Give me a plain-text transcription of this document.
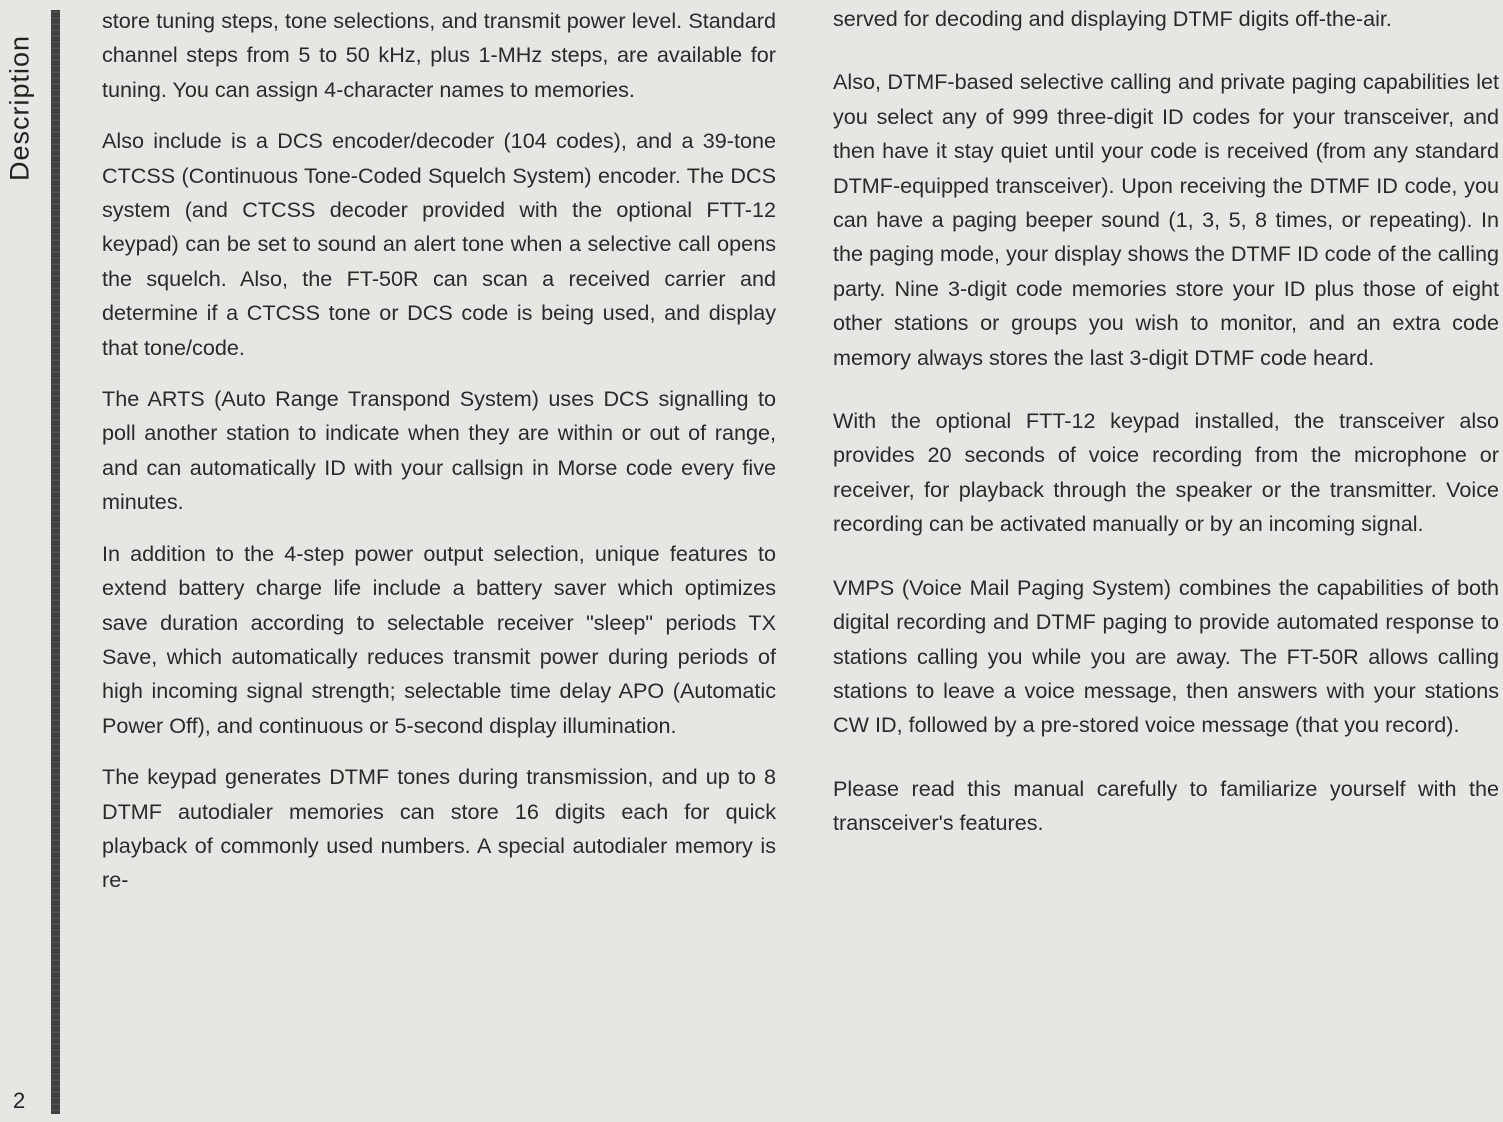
Description
2

store tuning steps, tone selections, and transmit power level. Standard channel steps from 5 to 50 kHz, plus 1-MHz steps, are available for tuning. You can assign 4-character names to memories.

Also include is a DCS encoder/decoder (104 codes), and a 39-tone CTCSS (Continuous Tone-Coded Squelch System) encoder. The DCS system (and CTCSS decoder provided with the optional FTT-12 keypad) can be set to sound an alert tone when a selective call opens the squelch. Also, the FT-50R can scan a received carrier and determine if a CTCSS tone or DCS code is being used, and display that tone/code.

The ARTS (Auto Range Transpond System) uses DCS signalling to poll another station to indicate when they are within or out of range, and can automatically ID with your callsign in Morse code every five minutes.

In addition to the 4-step power output selection, unique features to extend battery charge life include a battery saver which optimizes save duration according to selectable receiver "sleep" periods TX Save, which automatically reduces transmit power during periods of high incoming signal strength; selectable time delay APO (Automatic Power Off), and continuous or 5-second display illumination.

The keypad generates DTMF tones during transmission, and up to 8 DTMF autodialer memories can store 16 digits each for quick playback of commonly used numbers. A special autodialer memory is re-

served for decoding and displaying DTMF digits off-the-air.

Also, DTMF-based selective calling and private paging capabilities let you select any of 999 three-digit ID codes for your transceiver, and then have it stay quiet until your code is received (from any standard DTMF-equipped transceiver). Upon receiving the DTMF ID code, you can have a paging beeper sound (1, 3, 5, 8 times, or repeating). In the paging mode, your display shows the DTMF ID code of the calling party. Nine 3-digit code memories store your ID plus those of eight other stations or groups you wish to monitor, and an extra code memory always stores the last 3-digit DTMF code heard.

With the optional FTT-12 keypad installed, the transceiver also provides 20 seconds of voice recording from the microphone or receiver, for playback through the speaker or the transmitter. Voice recording can be activated manually or by an incoming signal.

VMPS (Voice Mail Paging System) combines the capabilities of both digital recording and DTMF paging to provide automated response to stations calling you while you are away. The FT-50R allows calling stations to leave a voice message, then answers with your stations CW ID, followed by a pre-stored voice message (that you record).

Please read this manual carefully to familiarize yourself with the transceiver's features.
